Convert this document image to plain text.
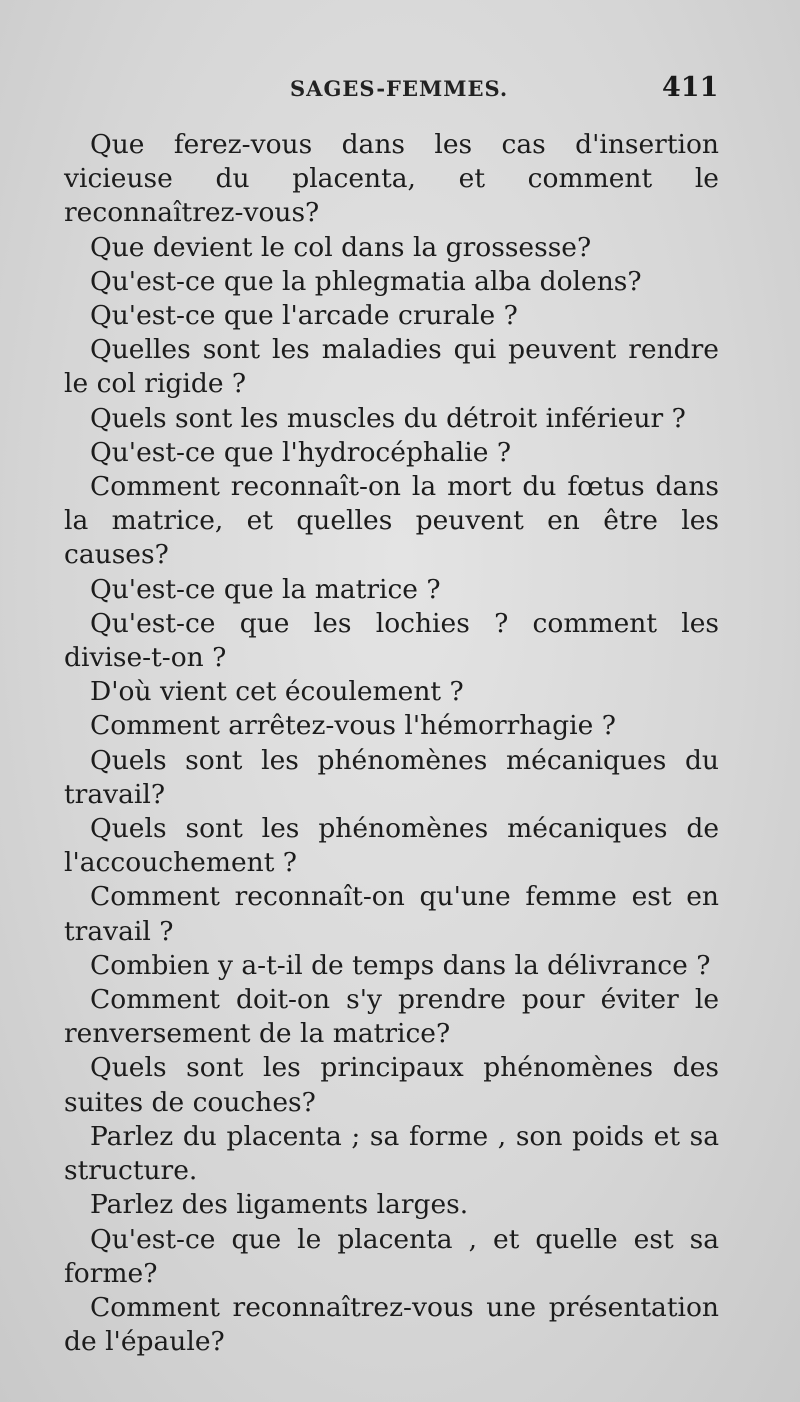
SAGES-FEMMES.	411

Que ferez-vous dans les cas d'insertion vicieuse du placenta, et comment le reconnaîtrez-vous?

Que devient le col dans la grossesse?

Qu'est-ce que la phlegmatia alba dolens?

Qu'est-ce que l'arcade crurale ?

Quelles sont les maladies qui peuvent rendre le col rigide ?

Quels sont les muscles du détroit inférieur ?

Qu'est-ce que l'hydrocéphalie ?

Comment reconnaît-on la mort du fœtus dans la matrice, et quelles peuvent en être les causes?

Qu'est-ce que la matrice ?

Qu'est-ce que les lochies ? comment les divise-t-on ?

D'où vient cet écoulement ?

Comment arrêtez-vous l'hémorrhagie ?

Quels sont les phénomènes mécaniques du travail?

Quels sont les phénomènes mécaniques de l'accouchement ?

Comment reconnaît-on qu'une femme est en travail ?

Combien y a-t-il de temps dans la délivrance ?

Comment doit-on s'y prendre pour éviter le renversement de la matrice?

Quels sont les principaux phénomènes des suites de couches?

Parlez du placenta ; sa forme , son poids et sa structure.

Parlez des ligaments larges.

Qu'est-ce que le placenta , et quelle est sa forme?

Comment reconnaîtrez-vous une présentation de l'épaule?
